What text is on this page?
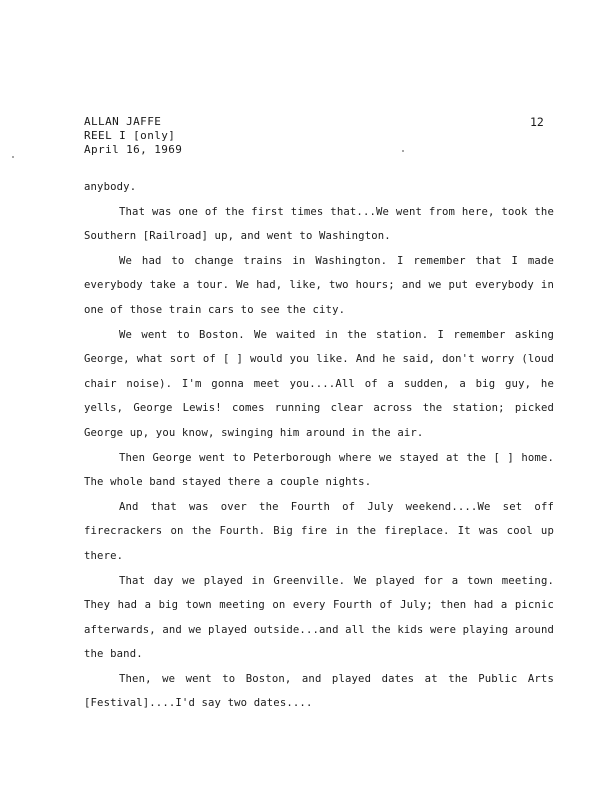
ALLAN JAFFE
REEL I [only]
April 16, 1969
12

anybody.

That was one of the first times that...We went from here, took the Southern [Railroad] up, and went to Washington.

We had to change trains in Washington. I remember that I made everybody take a tour. We had, like, two hours; and we put everybody in one of those train cars to see the city.

We went to Boston. We waited in the station. I remember asking George, what sort of [ ] would you like. And he said, don't worry (loud chair noise). I'm gonna meet you....All of a sudden, a big guy, he yells, George Lewis! comes running clear across the station; picked George up, you know, swinging him around in the air.

Then George went to Peterborough where we stayed at the [ ] home. The whole band stayed there a couple nights.

And that was over the Fourth of July weekend....We set off firecrackers on the Fourth. Big fire in the fireplace. It was cool up there.

That day we played in Greenville. We played for a town meeting. They had a big town meeting on every Fourth of July; then had a picnic afterwards, and we played outside...and all the kids were playing around the band.

Then, we went to Boston, and played dates at the Public Arts [Festival]....I'd say two dates....
